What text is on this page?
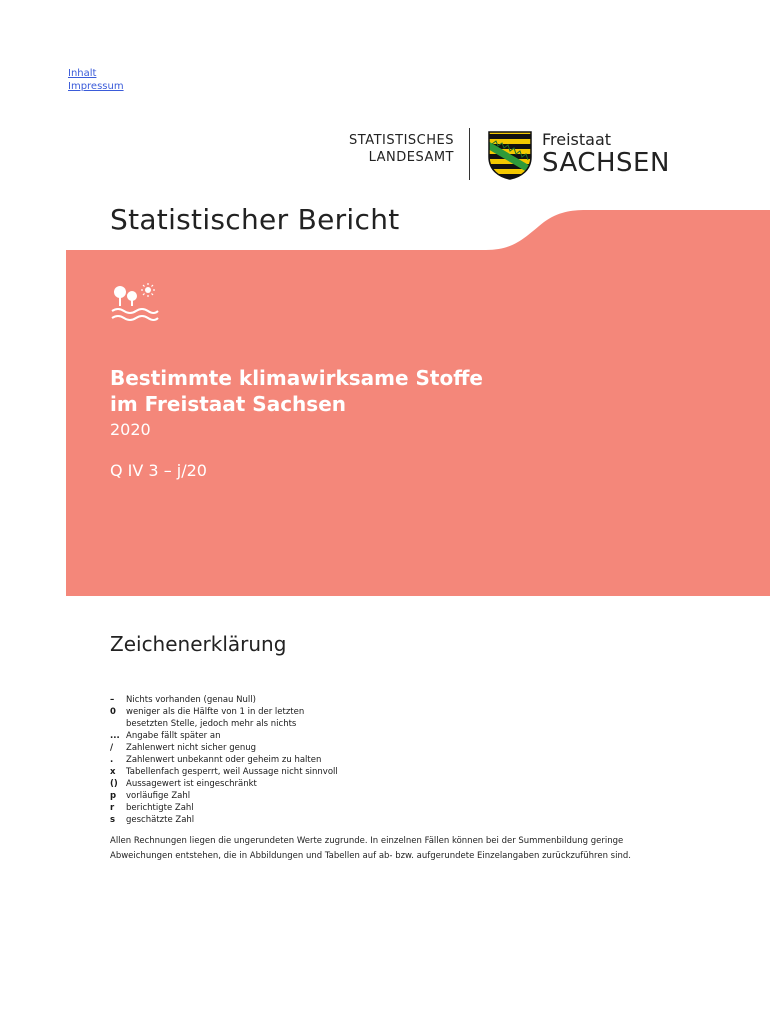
Inhalt
Impressum
STATISTISCHES
LANDESAMT
Freistaat
SACHSEN
Statistischer Bericht
Bestimmte klimawirksame Stoffe
im Freistaat Sachsen
2020
Q IV 3 – j/20
Zeichenerklärung
–	Nichts vorhanden (genau Null)
0	weniger als die Hälfte von 1 in der letzten besetzten Stelle, jedoch mehr als nichts
... Angabe fällt später an
/	Zahlenwert nicht sicher genug
.	Zahlenwert unbekannt oder geheim zu halten
x	Tabellenfach gesperrt, weil Aussage nicht sinnvoll
() Aussagewert ist eingeschränkt
p	vorläufige Zahl
r	berichtigte Zahl
s	geschätzte Zahl
Allen Rechnungen liegen die ungerundeten Werte zugrunde. In einzelnen Fällen können bei der Summenbildung geringe Abweichungen entstehen, die in Abbildungen und Tabellen auf ab- bzw. aufgerundete Einzelangaben zurückzuführen sind.
